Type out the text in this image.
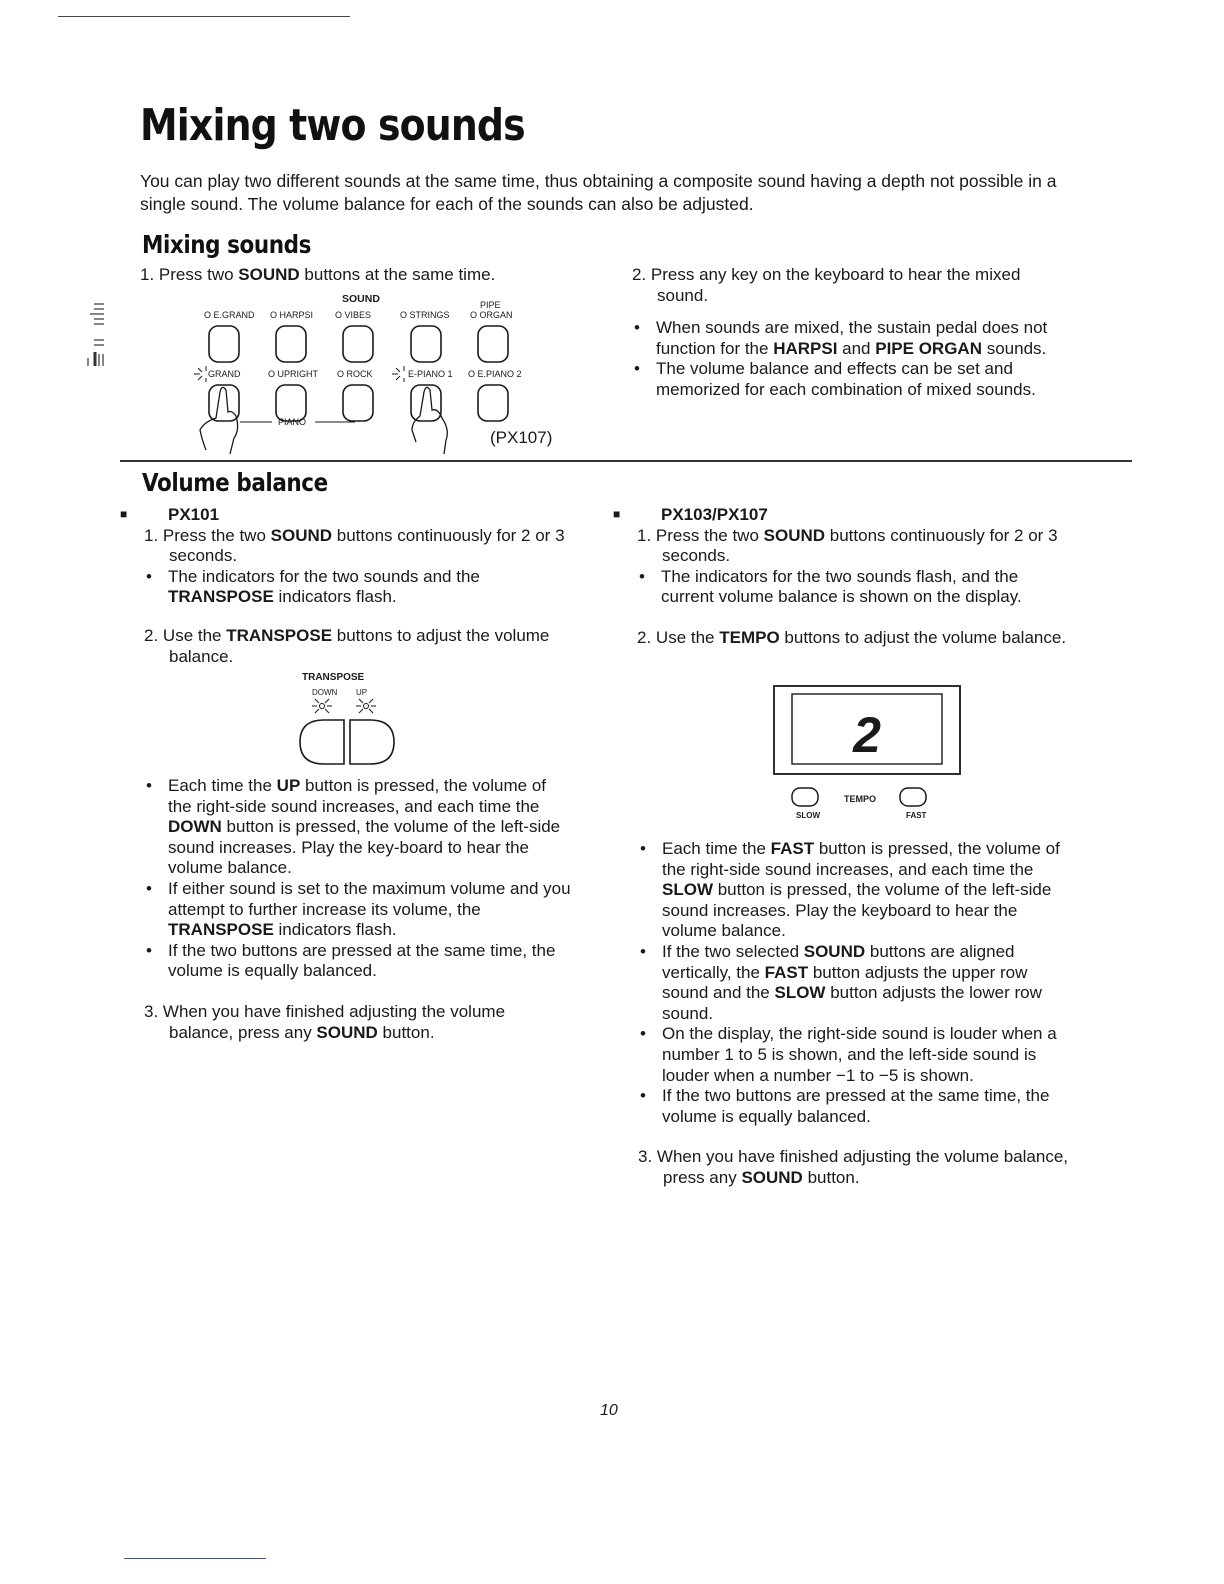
Mixing two sounds

You can play two different sounds at the same time, thus obtaining a composite sound having a depth not possible in a single sound. The volume balance for each of the sounds can also be adjusted.

Mixing sounds

1. Press two SOUND buttons at the same time.

SOUND	PIPE
O E.GRAND O HARPSI O VIBES	O STRINGS O ORGAN
GRAND	O UPRIGHT O ROCK	E-PIANO 1 O E.PIANO 2
PIANO
(PX107)

2. Press any key on the keyboard to hear the mixed sound.

• When sounds are mixed, the sustain pedal does not function for the HARPSI and PIPE ORGAN sounds.

• The volume balance and effects can be set and memorized for each combination of mixed sounds.

Volume balance

■ PX101

1. Press the two SOUND buttons continuously for 2 or 3 seconds.

• The indicators for the two sounds and the TRANSPOSE indicators flash.

2. Use the TRANSPOSE buttons to adjust the volume balance.

TRANSPOSE
DOWN UP

• Each time the UP button is pressed, the volume of the right-side sound increases, and each time the DOWN button is pressed, the volume of the left-side sound increases. Play the key-board to hear the volume balance.

• If either sound is set to the maximum volume and you attempt to further increase its volume, the TRANSPOSE indicators flash.

• If the two buttons are pressed at the same time, the volume is equally balanced.

3. When you have finished adjusting the volume balance, press any SOUND button.

■ PX103/PX107

1. Press the two SOUND buttons continuously for 2 or 3 seconds.

• The indicators for the two sounds flash, and the current volume balance is shown on the display.

2. Use the TEMPO buttons to adjust the volume balance.

2
TEMPO
SLOW	FAST

• Each time the FAST button is pressed, the volume of the right-side sound increases, and each time the SLOW button is pressed, the volume of the left-side sound increases. Play the keyboard to hear the volume balance.

• If the two selected SOUND buttons are aligned vertically, the FAST button adjusts the upper row sound and the SLOW button adjusts the lower row sound.

• On the display, the right-side sound is louder when a number 1 to 5 is shown, and the left-side sound is louder when a number −1 to −5 is shown.

• If the two buttons are pressed at the same time, the volume is equally balanced.

3. When you have finished adjusting the volume balance, press any SOUND button.

10
